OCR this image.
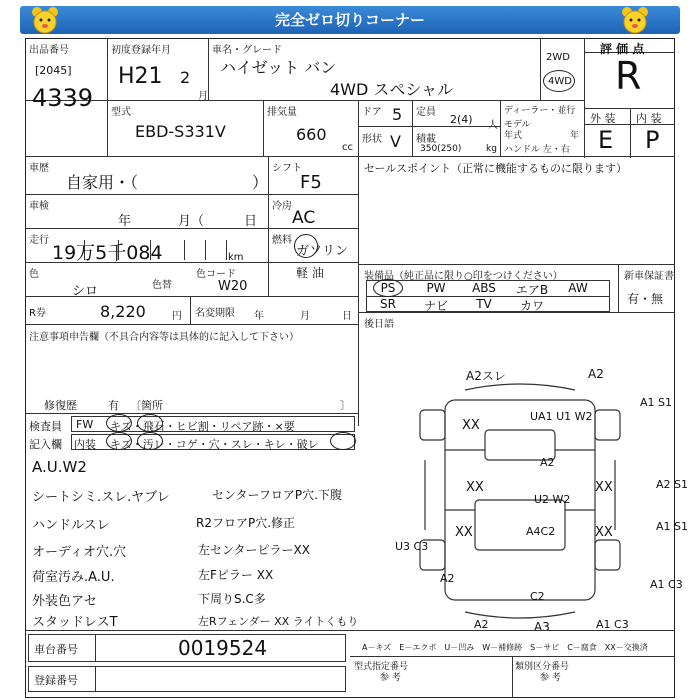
完全ゼロ切りコーナー
出品番号
[2045]
4339
初度登録年月
H21 2
月
車名・グレード
ハイゼット バン
4WD スペシャル
2WD
4WD
評 価 点
R
外 装 内 装
E P
型式
EBD-S331V
排気量
660
cc
ドア 5
形状 V
定員
2(4) 人
積載
350(250)	kg
ディーラー・並行
モデル
年式	年
ハンドル 左・右
車歴
自家用・（	）
シフト
F5
車検
年	月（	日
冷房
AC
走行
19万5千084	km
燃料
ガソリン
軽 油
色
シロ	色替
色コード
W20
R券	8,220	円 名変期限 年	月	日
セールスポイント（正常に機能するものに限ります）
装備品（純正品に限り○印をつけください）	新車保証書
有・無
PS	PW	ABS	エアB	AW
SR	ナビ	TV	カワ
後日語
注意事項申告欄（不具合内容等は具体的に記入して下さい）
修復歴	有 〔箇所	〕
検査員 FW キズ・飛石・ヒビ割・リペア跡・×要
記入欄 内装 キズ・汚レ・コゲ・穴・スレ・キレ・破レ
A.U.W2
シートシミ.スレ.ヤブレ
ハンドルスレ
オーディオ穴.穴
荷室汚み.A.U.
外装色アセ
スタッドレスT
センターフロアP穴.下腹
R2フロアP穴.修正
左センターピラーXX
左Fピラー XX
下周りS.C多
左Rフェンダー XX ライトくもり
A2スレ	A2
A1 S1
UA1 U1 W2
XX
A2
XX	XX
U2 W2
XX
A2 S1
XX	A1 S1
A4C2
U3 C3
A1 C3
A2
C2
A3
A2	A1 C3
車台番号	0019524
登録番号
A－キズ　E－エクボ　U－凹み　W－補修跡　S－サビ　C－腐食　XX－交換済
型式指定番号	類別区分番号
参 考	参 考
